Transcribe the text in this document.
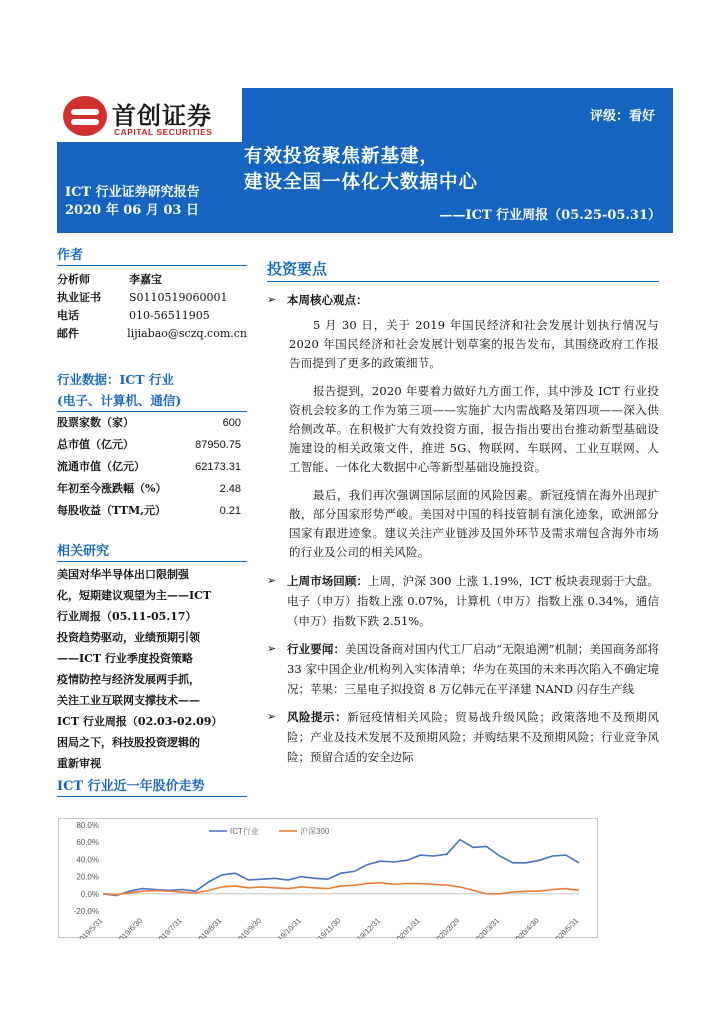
首创证券
CAPITAL SECURITIES
评级：看好
有效投资聚焦新基建，
建设全国一体化大数据中心
ICT 行业证券研究报告
2020 年 06 月 03 日	——ICT 行业周报（05.25-05.31）
作者
分析师	李嘉宝
执业证书	S0110519060001
电话	010-56511905
邮件	lijiabao@sczq.com.cn
行业数据：ICT 行业
(电子、计算机、通信)
股票家数（家）	600
总市值（亿元）	87950.75
流通市值（亿元）	62173.31
年初至今涨跌幅（%）	2.48
每股收益（TTM,元）	0.21
相关研究
美国对华半导体出口限制强
化，短期建议观望为主——ICT
行业周报（05.11-05.17）
投资趋势驱动，业绩预期引领
——ICT 行业季度投资策略
疫情防控与经济发展两手抓，
关注工业互联网支撑技术——
ICT 行业周报（02.03-02.09）
困局之下，科技股投资逻辑的
重新审视
投资要点
➢ 本周核心观点：
5 月 30 日，关于 2019 年国民经济和社会发展计划执行情况与 2020 年国民经济和社会发展计划草案的报告发布，其围绕政府工作报告而提到了更多的政策细节。
报告提到，2020 年要着力做好九方面工作，其中涉及 ICT 行业投资机会较多的工作为第三项——实施扩大内需战略及第四项——深入供给侧改革。在积极扩大有效投资方面，报告指出要出台推动新型基础设施建设的相关政策文件，推进 5G、物联网、车联网、工业互联网、人工智能、一体化大数据中心等新型基础设施投资。
最后，我们再次强调国际层面的风险因素。新冠疫情在海外出现扩散，部分国家形势严峻。美国对中国的科技管制有演化迹象，欧洲部分国家有跟进迹象。建议关注产业链涉及国外环节及需求端包含海外市场的行业及公司的相关风险。
➢ 上周市场回顾：上周，沪深 300 上涨 1.19%，ICT 板块表现弱于大盘。电子（申万）指数上涨 0.07%，计算机（申万）指数上涨 0.34%，通信（申万）指数下跌 2.51%。
➢ 行业要闻：美国设备商对国内代工厂启动“无限追溯”机制；美国商务部将 33 家中国企业/机构列入实体清单；华为在英国的未来再次陷入不确定境况；苹果：三星电子拟投资 8 万亿韩元在平泽建 NAND 闪存生产线
➢ 风险提示：新冠疫情相关风险；贸易战升级风险；政策落地不及预期风险；产业及技术发展不及预期风险；并购结果不及预期风险；行业竞争风险；预留合适的安全边际
ICT 行业近一年股价走势
80.0%
60.0%
40.0%
20.0%
0.0%
-20.0%
2019/5/31 2019/6/30 2019/7/31 2019/8/31 2019/9/30 2019/10/31 2019/11/30 2019/12/31 2020/1/31 2020/2/29 2020/3/31 2020/4/30 2020/5/31
ICT行业	沪深300
